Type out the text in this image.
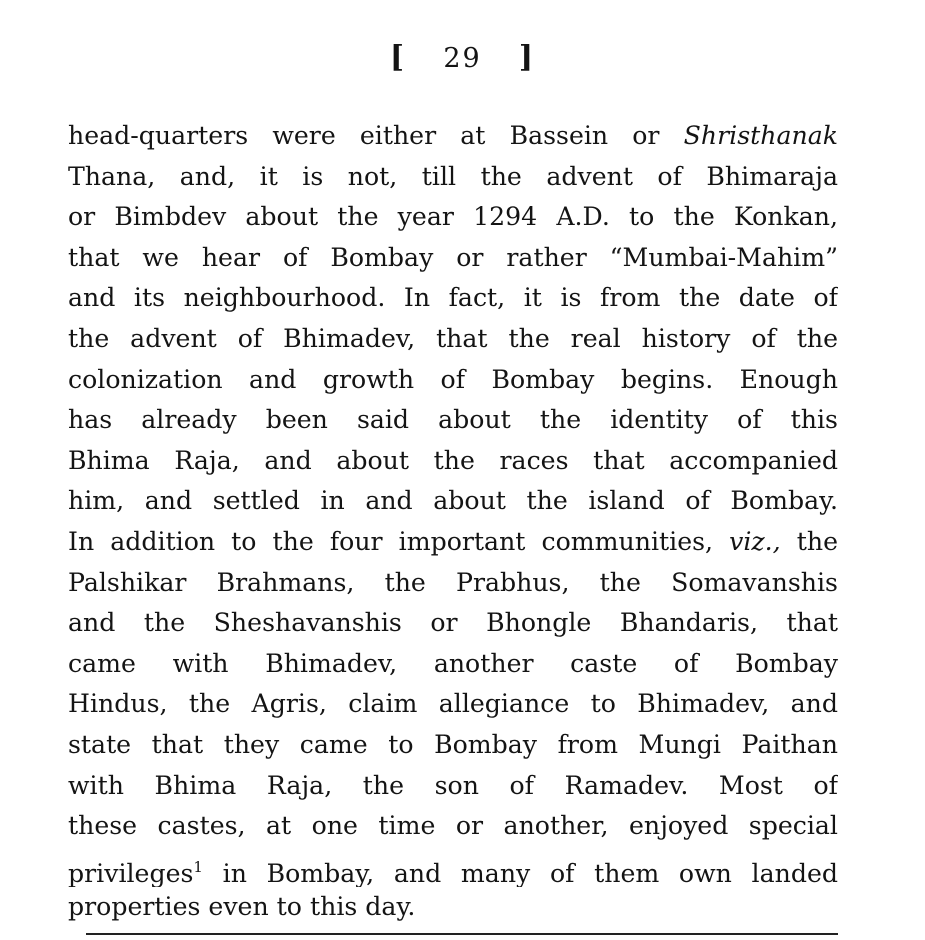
[ 29 ]
head-quarters were either at Bassein or Shristhanak
Thana, and, it is not, till the advent of Bhimaraja
or Bimbdev about the year 1294 A.D. to the Konkan,
that we hear of Bombay or rather “Mumbai-Mahim”
and its neighbourhood. In fact, it is from the date of
the advent of Bhimadev, that the real history of the
colonization and growth of Bombay begins. Enough
has already been said about the identity of this
Bhima Raja, and about the races that accompanied
him, and settled in and about the island of Bombay.
In addition to the four important communities, viz., the
Palshikar Brahmans, the Prabhus, the Somavanshis
and the Sheshavanshis or Bhongle Bhandaris, that
came with Bhimadev, another caste of Bombay
Hindus, the Agris, claim allegiance to Bhimadev, and
state that they came to Bombay from Mungi Paithan
with Bhima Raja, the son of Ramadev. Most of
these castes, at one time or another, enjoyed special
privileges$^1$ in Bombay, and many of them own landed
properties even to this day.
